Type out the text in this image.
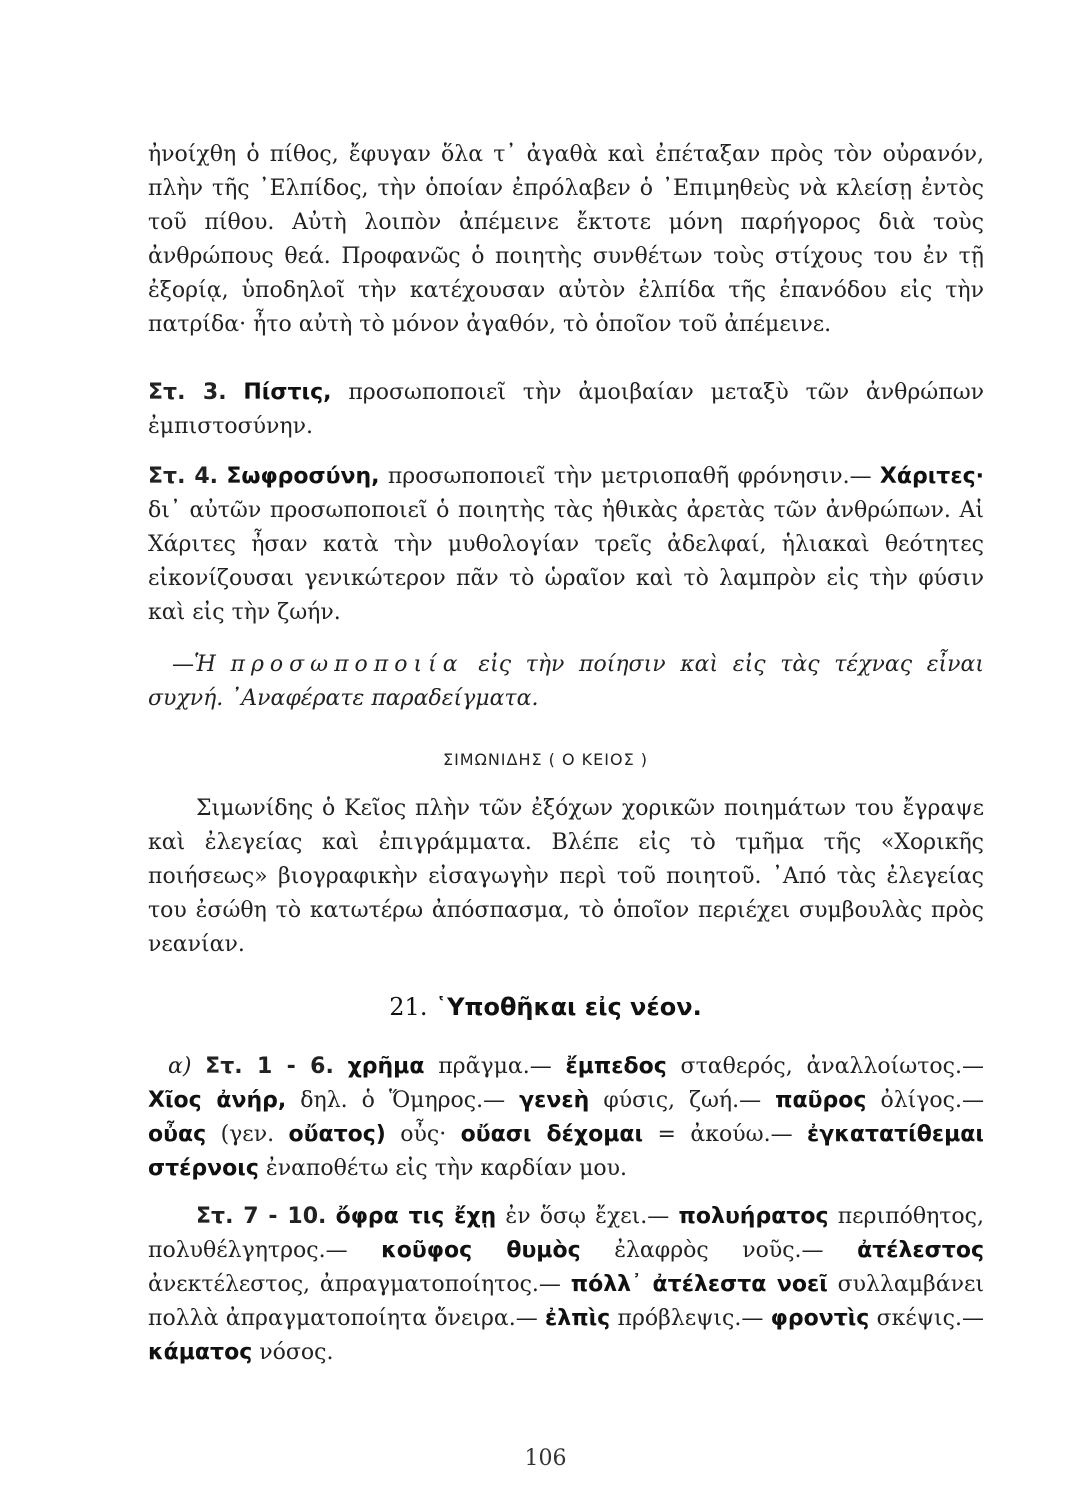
ἠνοίχθη ὁ πίθος, ἔφυγαν ὅλα τ᾿ ἀγαθὰ καὶ ἐπέταξαν πρὸς τὸν οὐρανόν, πλὴν τῆς ᾿Ελπίδος, τὴν ὁποίαν ἐπρόλαβεν ὁ ᾿Επιμηθεὺς νὰ κλείσῃ ἐντὸς τοῦ πίθου. Αὐτὴ λοιπὸν ἀπέμεινε ἔκτοτε μόνη παρήγορος διὰ τοὺς ἀνθρώπους θεά. Προφανῶς ὁ ποιητὴς συνθέτων τοὺς στίχους του ἐν τῇ ἐξορίᾳ, ὑποδηλοῖ τὴν κατέχουσαν αὐτὸν ἐλπίδα τῆς ἐπανόδου εἰς τὴν πατρίδα· ἦτο αὐτὴ τὸ μόνον ἀγαθόν, τὸ ὁποῖον τοῦ ἀπέμεινε.

Στ. 3. Πίστις, προσωποποιεῖ τὴν ἀμοιβαίαν μεταξὺ τῶν ἀνθρώπων ἐμπιστοσύνην.

Στ. 4. Σωφροσύνη, προσωποποιεῖ τὴν μετριοπαθῆ φρόνησιν.— Χάριτες· δι᾿ αὐτῶν προσωποποιεῖ ὁ ποιητὴς τὰς ἠθικὰς ἀρετὰς τῶν ἀνθρώπων. Αἱ Χάριτες ἦσαν κατὰ τὴν μυθολογίαν τρεῖς ἀδελφαί, ἡλιακαὶ θεότητες εἰκονίζουσαι γενικώτερον πᾶν τὸ ὡραῖον καὶ τὸ λαμπρὸν εἰς τὴν φύσιν καὶ εἰς τὴν ζωήν.

—Ἡ προσωποποιία εἰς τὴν ποίησιν καὶ εἰς τὰς τέχνας εἶναι συχνή. ᾿Αναφέρατε παραδείγματα.

ΣΙΜΩΝΙΔΗΣ ( Ο ΚΕΙΟΣ )

Σιμωνίδης ὁ Κεῖος πλὴν τῶν ἐξόχων χορικῶν ποιημάτων του ἔγραψε καὶ ἐλεγείας καὶ ἐπιγράμματα. Βλέπε εἰς τὸ τμῆμα τῆς «Χορικῆς ποιήσεως» βιογραφικὴν εἰσαγωγὴν περὶ τοῦ ποιητοῦ. ᾿Από τὰς ἐλεγείας του ἐσώθη τὸ κατωτέρω ἀπόσπασμα, τὸ ὁποῖον περιέχει συμβουλὰς πρὸς νεανίαν.

21. ῾Υποθῆκαι εἰς νέον.

α) Στ. 1 - 6. χρῆμα πρᾶγμα.— ἔμπεδος σταθερός, ἀναλλοίωτος.— Χῖος ἀνήρ, δηλ. ὁ Ὅμηρος.— γενεὴ φύσις, ζωή.— παῦρος ὀλίγος.— οὖας (γεν. οὔατος) οὖς· οὔασι δέχομαι = ἀκούω.— ἐγκατατίθεμαι στέρνοις ἐναποθέτω εἰς τὴν καρδίαν μου.

Στ. 7 - 10. ὄφρα τις ἔχῃ ἐν ὅσῳ ἔχει.— πολυήρατος περιπόθητος, πολυθέλγητρος.— κοῦφος θυμὸς ἐλαφρὸς νοῦς.— ἀτέλεστος ἀνεκτέλεστος, ἀπραγματοποίητος.— πόλλ᾿ ἀτέλεστα νοεῖ συλλαμβάνει πολλὰ ἀπραγματοποίητα ὄνειρα.— ἐλπὶς πρόβλεψις.— φροντὶς σκέψις.— κάματος νόσος.

106
